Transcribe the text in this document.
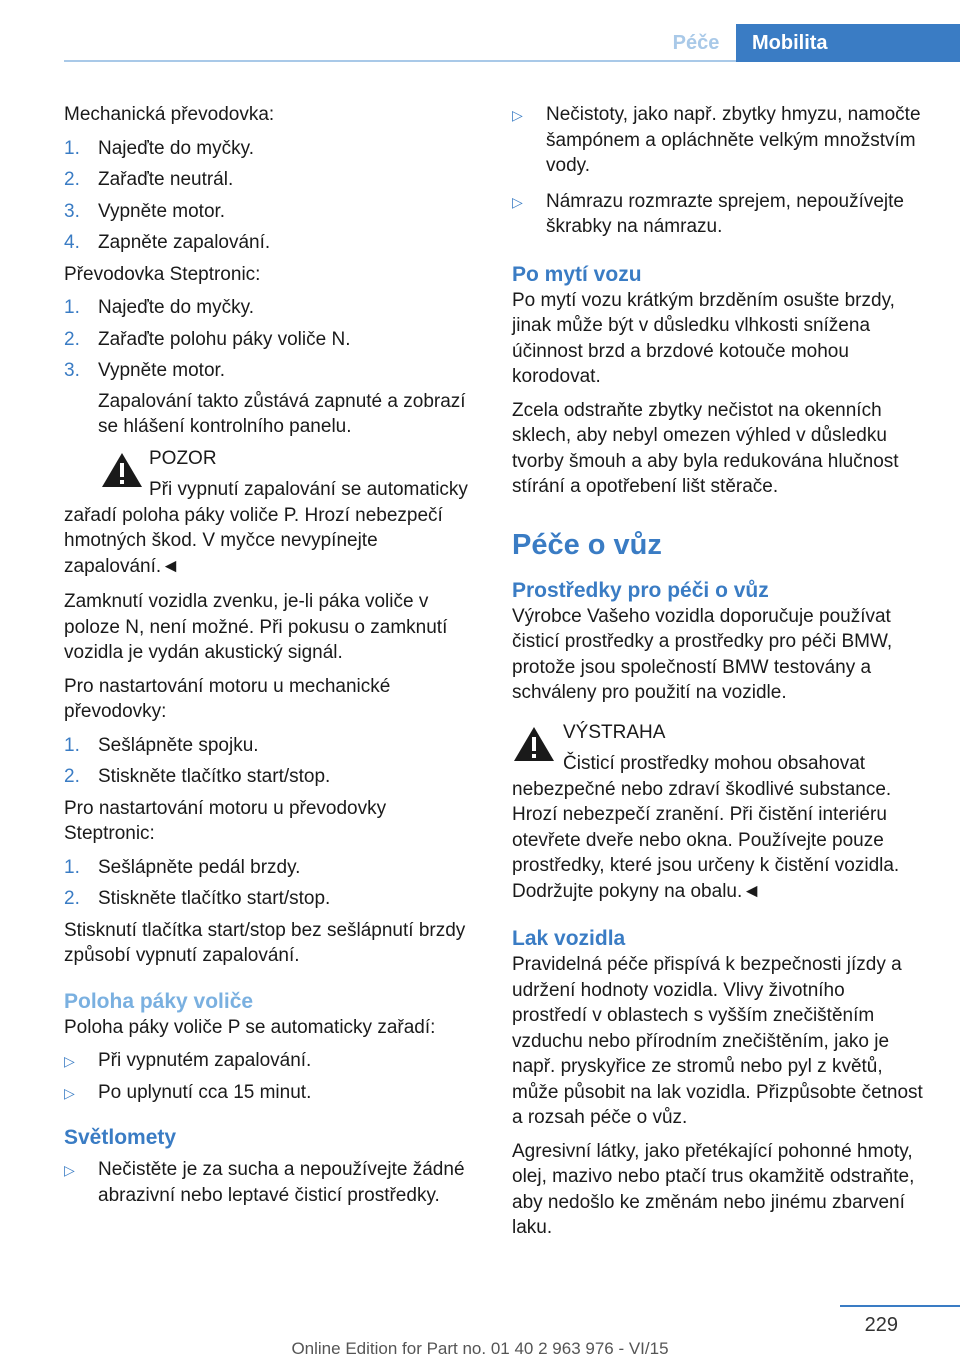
Péče	Mobilita

Mechanická převodovka:

1. Najeďte do myčky.
2. Zařaďte neutrál.
3. Vypněte motor.
4. Zapněte zapalování.

Převodovka Steptronic:

1. Najeďte do myčky.
2. Zařaďte polohu páky voliče N.
3. Vypněte motor.

Zapalování takto zůstává zapnuté a zobrazí se hlášení kontrolního panelu.

POZOR

Při vypnutí zapalování se automaticky zařadí poloha páky voliče P. Hrozí nebezpečí hmotných škod. V myčce nevypínejte zapalování.◄

Zamknutí vozidla zvenku, je-li páka voliče v poloze N, není možné. Při pokusu o zamknutí vozidla je vydán akustický signál.

Pro nastartování motoru u mechanické převodovky:

1. Sešlápněte spojku.
2. Stiskněte tlačítko start/stop.

Pro nastartování motoru u převodovky Steptronic:

1. Sešlápněte pedál brzdy.
2. Stiskněte tlačítko start/stop.

Stisknutí tlačítka start/stop bez sešlápnutí brzdy způsobí vypnutí zapalování.

Poloha páky voliče

Poloha páky voliče P se automaticky zařadí:

▷ Při vypnutém zapalování.
▷ Po uplynutí cca 15 minut.
Světlomety
▷ Nečistěte je za sucha a nepoužívejte žádné abrazivní nebo leptavé čisticí prostředky.
▷ Nečistoty, jako např. zbytky hmyzu, namočte šampónem a opláchněte velkým množstvím vody.
▷ Námrazu rozmrazte sprejem, nepoužívejte škrabky na námrazu.
Po mytí vozu

Po mytí vozu krátkým brzděním osušte brzdy, jinak může být v důsledku vlhkosti snížena účinnost brzd a brzdové kotouče mohou korodovat.

Zcela odstraňte zbytky nečistot na okenních sklech, aby nebyl omezen výhled v důsledku tvorby šmouh a aby byla redukována hlučnost stírání a opotřebení lišt stěrače.

Péče o vůz
Prostředky pro péči o vůz

Výrobce Vašeho vozidla doporučuje používat čisticí prostředky a prostředky pro péči BMW, protože jsou společností BMW testovány a schváleny pro použití na vozidle.

VÝSTRAHA

Čisticí prostředky mohou obsahovat nebezpečné nebo zdraví škodlivé substance. Hrozí nebezpečí zranění. Při čistění interiéru otevřete dveře nebo okna. Používejte pouze prostředky, které jsou určeny k čistění vozidla. Dodržujte pokyny na obalu.◄

Lak vozidla

Pravidelná péče přispívá k bezpečnosti jízdy a udržení hodnoty vozidla. Vlivy životního prostředí v oblastech s vyšším znečištěním vzduchu nebo přírodním znečištěním, jako je např. pryskyřice ze stromů nebo pyl z květů, může působit na lak vozidla. Přizpůsobte četnost a rozsah péče o vůz.

Agresivní látky, jako přetékající pohonné hmoty, olej, mazivo nebo ptačí trus okamžitě odstraňte, aby nedošlo ke změnám nebo jinému zbarvení laku.

229
Online Edition for Part no. 01 40 2 963 976 - VI/15
